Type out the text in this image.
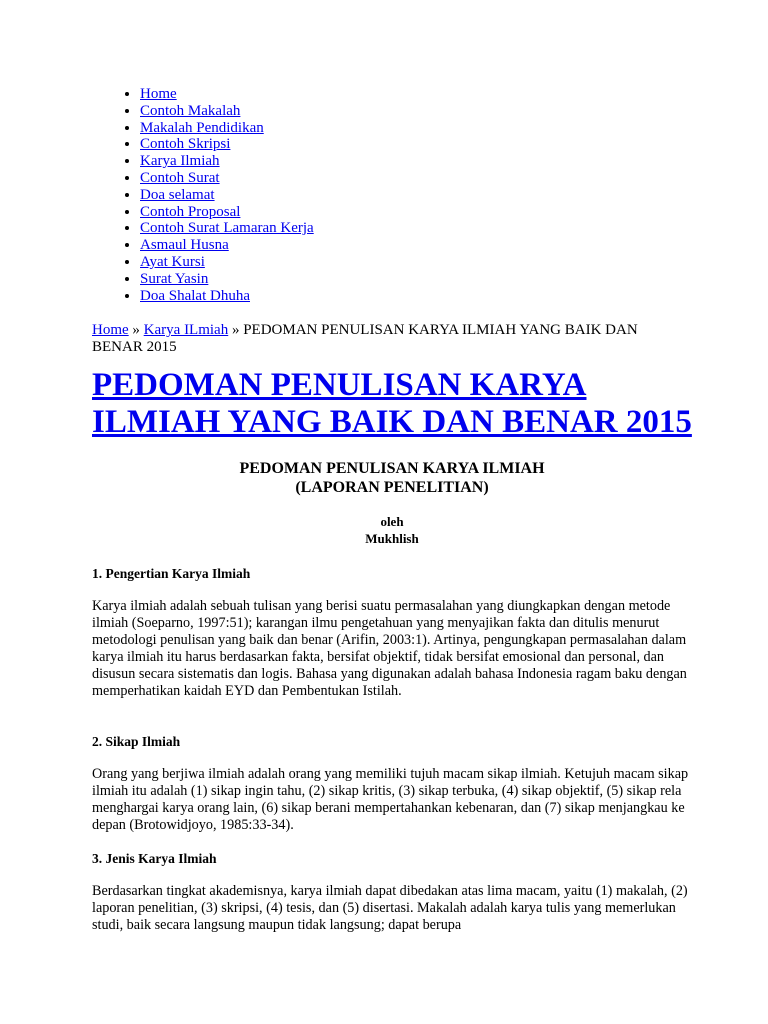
• Home
• Contoh Makalah
• Makalah Pendidikan
• Contoh Skripsi
• Karya Ilmiah
• Contoh Surat
• Doa selamat
• Contoh Proposal
• Contoh Surat Lamaran Kerja
• Asmaul Husna
• Ayat Kursi
• Surat Yasin
• Doa Shalat Dhuha
Home » Karya ILmiah » PEDOMAN PENULISAN KARYA ILMIAH YANG BAIK DAN BENAR 2015
PEDOMAN PENULISAN KARYA ILMIAH YANG BAIK DAN BENAR 2015
PEDOMAN PENULISAN KARYA ILMIAH
(LAPORAN PENELITIAN)
oleh
Mukhlish
1. Pengertian Karya Ilmiah

Karya ilmiah adalah sebuah tulisan yang berisi suatu permasalahan yang diungkapkan dengan metode ilmiah (Soeparno, 1997:51); karangan ilmu pengetahuan yang menyajikan fakta dan ditulis menurut metodologi penulisan yang baik dan benar (Arifin, 2003:1). Artinya, pengungkapan permasalahan dalam karya ilmiah itu harus berdasarkan fakta, bersifat objektif, tidak bersifat emosional dan personal, dan disusun secara sistematis dan logis. Bahasa yang digunakan adalah bahasa Indonesia ragam baku dengan memperhatikan kaidah EYD dan Pembentukan Istilah.

2. Sikap Ilmiah

Orang yang berjiwa ilmiah adalah orang yang memiliki tujuh macam sikap ilmiah. Ketujuh macam sikap ilmiah itu adalah (1) sikap ingin tahu, (2) sikap kritis, (3) sikap terbuka, (4) sikap objektif, (5) sikap rela menghargai karya orang lain, (6) sikap berani mempertahankan kebenaran, dan (7) sikap menjangkau ke depan (Brotowidjoyo, 1985:33-34).

3. Jenis Karya Ilmiah

Berdasarkan tingkat akademisnya, karya ilmiah dapat dibedakan atas lima macam, yaitu (1) makalah, (2) laporan penelitian, (3) skripsi, (4) tesis, dan (5) disertasi. Makalah adalah karya tulis yang memerlukan studi, baik secara langsung maupun tidak langsung; dapat berupa
